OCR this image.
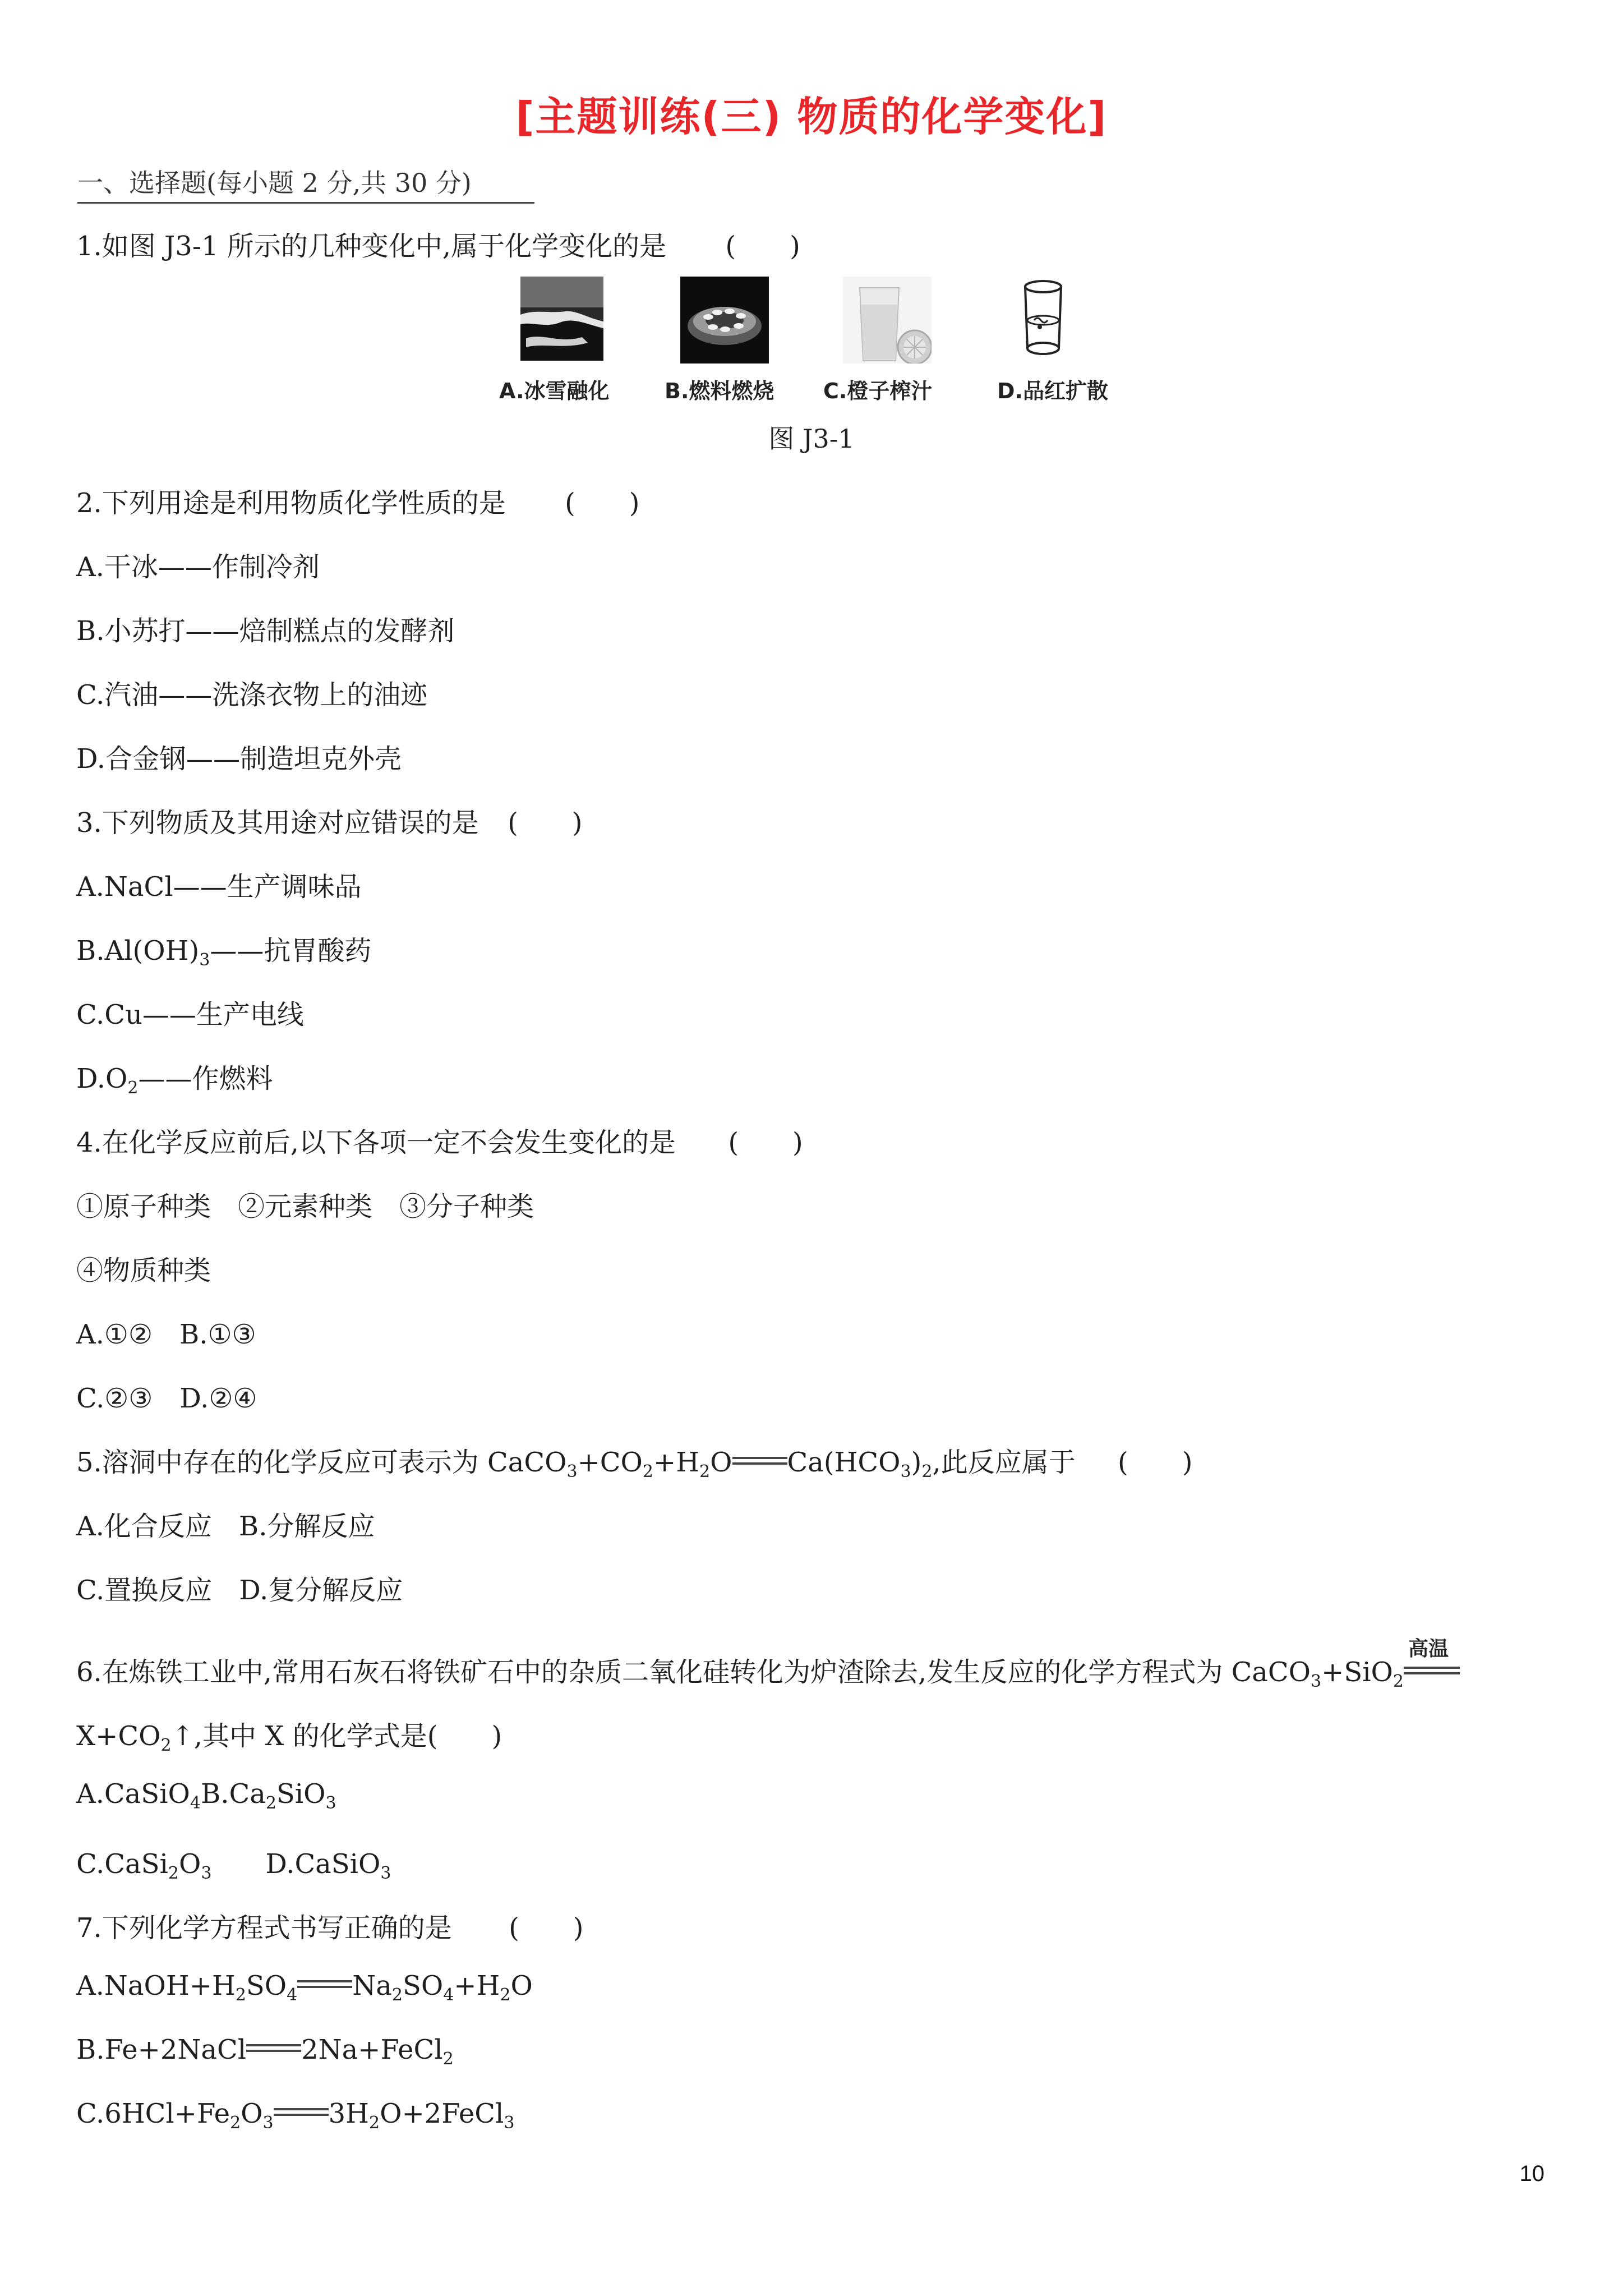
[主题训练(三) 物质的化学变化]
一、选择题(每小题 2 分,共 30 分)
1.如图 J3-1 所示的几种变化中,属于化学变化的是 (　　)
A.冰雪融化	B.燃料燃烧 C.橙子榨汁	D.品红扩散
图 J3-1
2.下列用途是利用物质化学性质的是 (　　)
A.干冰——作制冷剂
B.小苏打——焙制糕点的发酵剂
C.汽油——洗涤衣物上的油迹
D.合金钢——制造坦克外壳
3.下列物质及其用途对应错误的是 (　　)
A.NaCl——生产调味品
$B.Al(OH)_3——$抗胃酸药
C.Cu——生产电线
$D.O_2——$作燃料
4.在化学反应前后,以下各项一定不会发生变化的是 (　　)
①原子种类　②元素种类　③分子种类
④物质种类
A.①②　B.①③
C.②③　D.②④
5.溶洞中存在的化学反应可表示为 $CaCO_3+CO_2+H_2O$ $Ca(HCO_3)_2$,此反应属于 (　　)
A.化合反应　B.分解反应
C.置换反应　D.复分解反应
6.在炼铁工业中,常用石灰石将铁矿石中的杂质二氧化硅转化为炉渣除去,发生反应的化学方程式为 CaCO$_3$+SiO$_2$
高温
$X+CO_2↑$,其中 X 的化学式是(　　)
$A.CaSiO_4B.Ca_2SiO_3$
$C.CaSi_2O_3$　　D.CaSiO$_3$
7.下列化学方程式书写正确的是 (　　)
$A.NaOH+H_2SO_4$ $Na_2SO_4+H_2O$
B.Fe+2NaCl 2Na+FeCl$_2$
$C.6HCl+Fe_2O_3$ $3H_2O+2FeCl_3$
10
